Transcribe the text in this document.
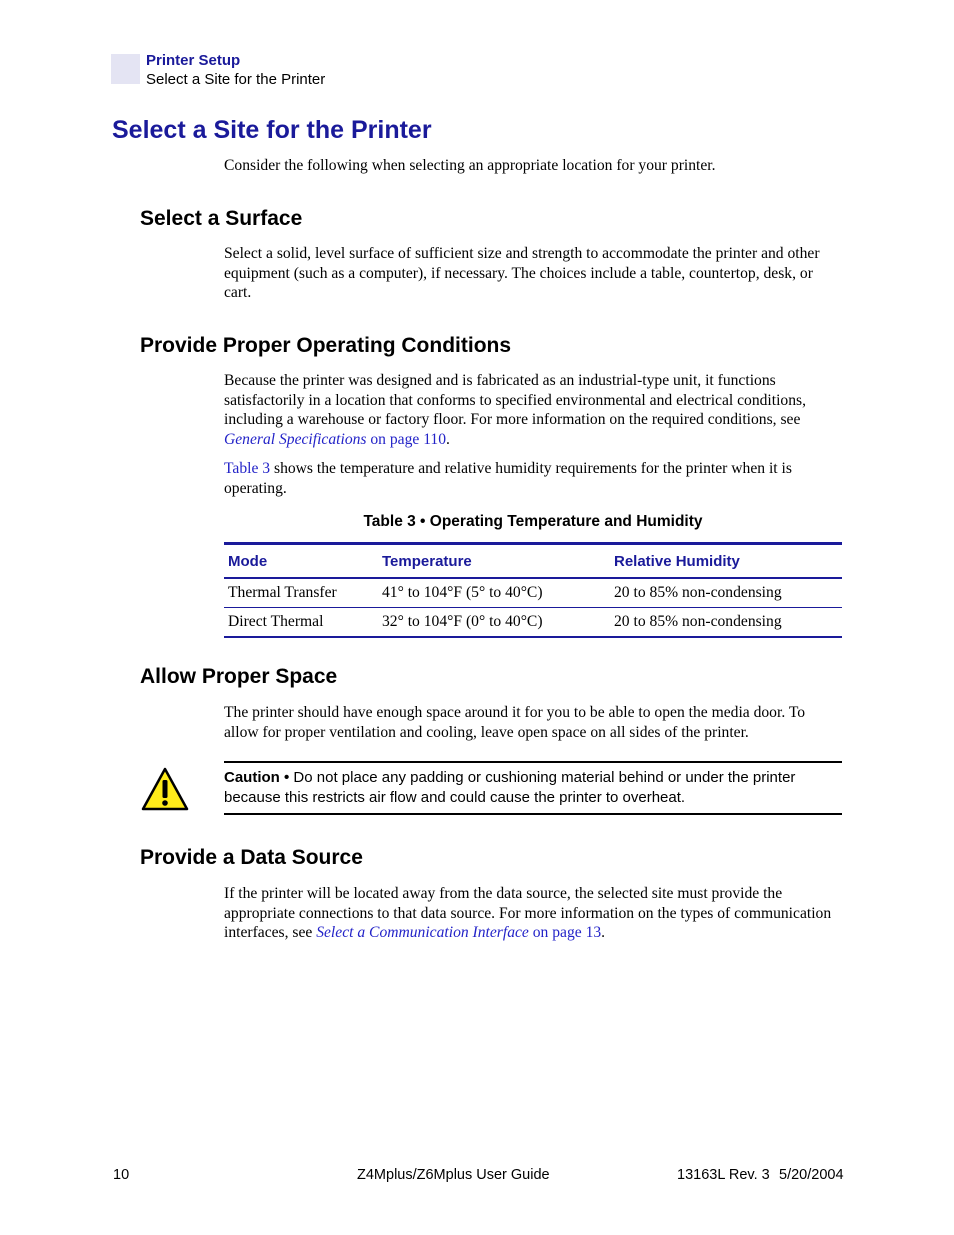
Printer Setup
Select a Site for the Printer
Select a Site for the Printer

Consider the following when selecting an appropriate location for your printer.

Select a Surface

Select a solid, level surface of sufficient size and strength to accommodate the printer and other equipment (such as a computer), if necessary. The choices include a table, countertop, desk, or cart.

Provide Proper Operating Conditions

Because the printer was designed and is fabricated as an industrial-type unit, it functions satisfactorily in a location that conforms to specified environmental and electrical conditions, including a warehouse or factory floor. For more information on the required conditions, see General Specifications on page 110.

Table 3 shows the temperature and relative humidity requirements for the printer when it is operating.

Table 3 • Operating Temperature and Humidity
Mode	Temperature	Relative Humidity
Thermal Transfer	41° to 104°F (5° to 40°C)	20 to 85% non-condensing
Direct Thermal	32° to 104°F (0° to 40°C)	20 to 85% non-condensing
Allow Proper Space

The printer should have enough space around it for you to be able to open the media door. To allow for proper ventilation and cooling, leave open space on all sides of the printer.

Caution • Do not place any padding or cushioning material behind or under the printer because this restricts air flow and could cause the printer to overheat.
Provide a Data Source

If the printer will be located away from the data source, the selected site must provide the appropriate connections to that data source. For more information on the types of communication interfaces, see Select a Communication Interface on page 13.

10	Z4Mplus/Z6Mplus User Guide	13163L Rev. 3 5/20/2004
